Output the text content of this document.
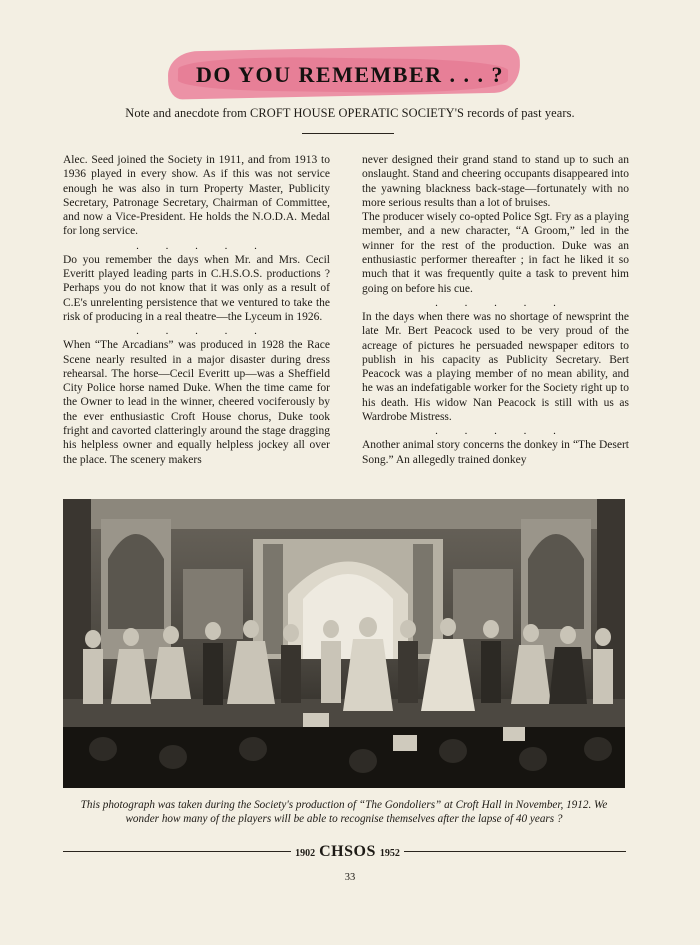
DO YOU REMEMBER . . . ?
Note and anecdote from CROFT HOUSE OPERATIC SOCIETY'S records of past years.

Alec. Seed joined the Society in 1911, and from 1913 to 1936 played in every show. As if this was not service enough he was also in turn Property Master, Publicity Secretary, Patronage Secretary, Chairman of Committee, and now a Vice-President. He holds the N.O.D.A. Medal for long service.

. . . . .

Do you remember the days when Mr. and Mrs. Cecil Everitt played leading parts in C.H.S.O.S. productions ? Perhaps you do not know that it was only as a result of C.E's unrelenting persistence that we ventured to take the risk of producing in a real theatre—the Lyceum in 1926.

. . . . .

When “The Arcadians” was produced in 1928 the Race Scene nearly resulted in a major disaster during dress rehearsal. The horse—Cecil Everitt up—was a Sheffield City Police horse named Duke. When the time came for the Owner to lead in the winner, cheered vociferously by the ever enthusiastic Croft House chorus, Duke took fright and cavorted clatteringly around the stage dragging his helpless owner and equally helpless jockey all over the place. The scenery makers

never designed their grand stand to stand up to such an onslaught. Stand and cheering occupants disappeared into the yawning blackness back-stage—fortunately with no more serious results than a lot of bruises.

The producer wisely co-opted Police Sgt. Fry as a playing member, and a new character, “A Groom,” led in the winner for the rest of the production. Duke was an enthusiastic performer thereafter ; in fact he liked it so much that it was frequently quite a task to prevent him going on before his cue.

. . . . .

In the days when there was no shortage of newsprint the late Mr. Bert Peacock used to be very proud of the acreage of pictures he persuaded newspaper editors to publish in his capacity as Publicity Secretary. Bert Peacock was a playing member of no mean ability, and he was an indefatigable worker for the Society right up to his death. His widow Nan Peacock is still with us as Wardrobe Mistress.

. . . . .

Another animal story concerns the donkey in “The Desert Song.” An allegedly trained donkey

This photograph was taken during the Society's production of “The Gondoliers” at Croft Hall in November, 1912. We wonder how many of the players will be able to recognise themselves after the lapse of 40 years ?
1902 CHSOS 1952
33
